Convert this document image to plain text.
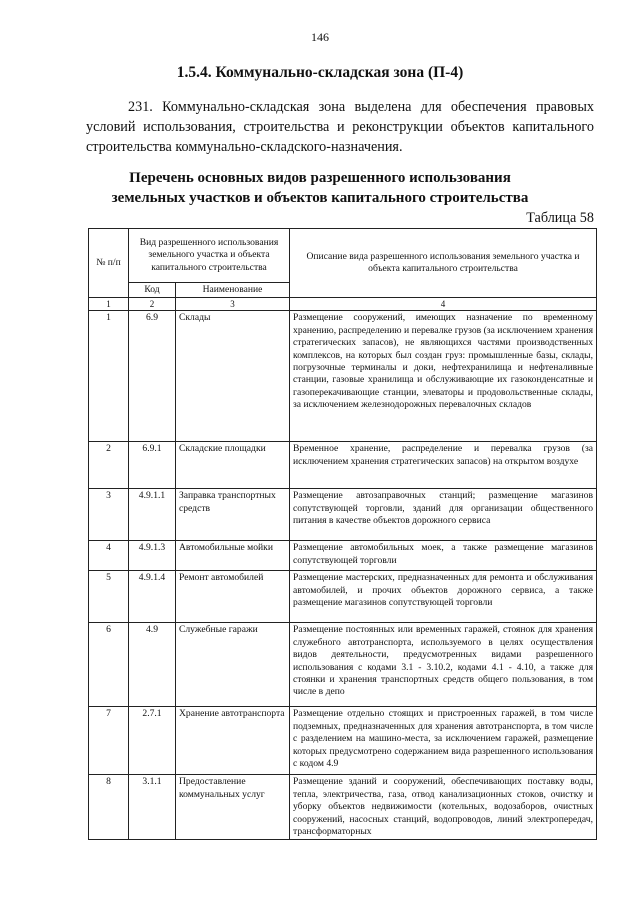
146
1.5.4. Коммунально-складская зона (П-4)

231. Коммунально-складская зона выделена для обеспечения правовых условий использования, строительства и реконструкции объектов капитального строительства коммунально-складского-назначения.

Перечень основных видов разрешенного использования
земельных участков и объектов капитального строительства
Таблица 58
№ п/п	Вид разрешенного использования земельного участка и объекта капитального строительства		Описание вида разрешенного использования земельного участка и объекта капитального строительства
	Код	Наименование	
1	2	3	4
1	6.9	Склады	Размещение сооружений, имеющих назначение по временному хранению, распределению и перевалке грузов (за исключением хранения стратегических запасов), не являющихся частями производственных комплексов, на которых был создан груз: промышленные базы, склады, погрузочные терминалы и доки, нефтехранилища и нефтеналивные станции, газовые хранилища и обслуживающие их газоконденсатные и газоперекачивающие станции, элеваторы и продовольственные склады, за исключением железнодорожных перевалочных складов
2	6.9.1	Складские площадки	Временное хранение, распределение и перевалка грузов (за исключением хранения стратегических запасов) на открытом воздухе
3	4.9.1.1	Заправка транспортных средств	Размещение автозаправочных станций; размещение магазинов сопутствующей торговли, зданий для организации общественного питания в качестве объектов дорожного сервиса
4	4.9.1.3	Автомобильные мойки	Размещение автомобильных моек, а также размещение магазинов сопутствующей торговли
5	4.9.1.4	Ремонт автомобилей	Размещение мастерских, предназначенных для ремонта и обслуживания автомобилей, и прочих объектов дорожного сервиса, а также размещение магазинов сопутствующей торговли
6	4.9	Служебные гаражи	Размещение постоянных или временных гаражей, стоянок для хранения служебного автотранспорта, используемого в целях осуществления видов деятельности, предусмотренных видами разрешенного использования с кодами 3.1 - 3.10.2, кодами 4.1 - 4.10, а также для стоянки и хранения транспортных средств общего пользования, в том числе в депо
7	2.7.1	Хранение автотранспорта	Размещение отдельно стоящих и пристроенных гаражей, в том числе подземных, предназначенных для хранения автотранспорта, в том числе с разделением на машино-места, за исключением гаражей, размещение которых предусмотрено содержанием вида разрешенного использования с кодом 4.9
8	3.1.1	Предоставление коммунальных услуг	Размещение зданий и сооружений, обеспечивающих поставку воды, тепла, электричества, газа, отвод канализационных стоков, очистку и уборку объектов недвижимости (котельных, водозаборов, очистных сооружений, насосных станций, водопроводов, линий электропередач, трансформаторных
